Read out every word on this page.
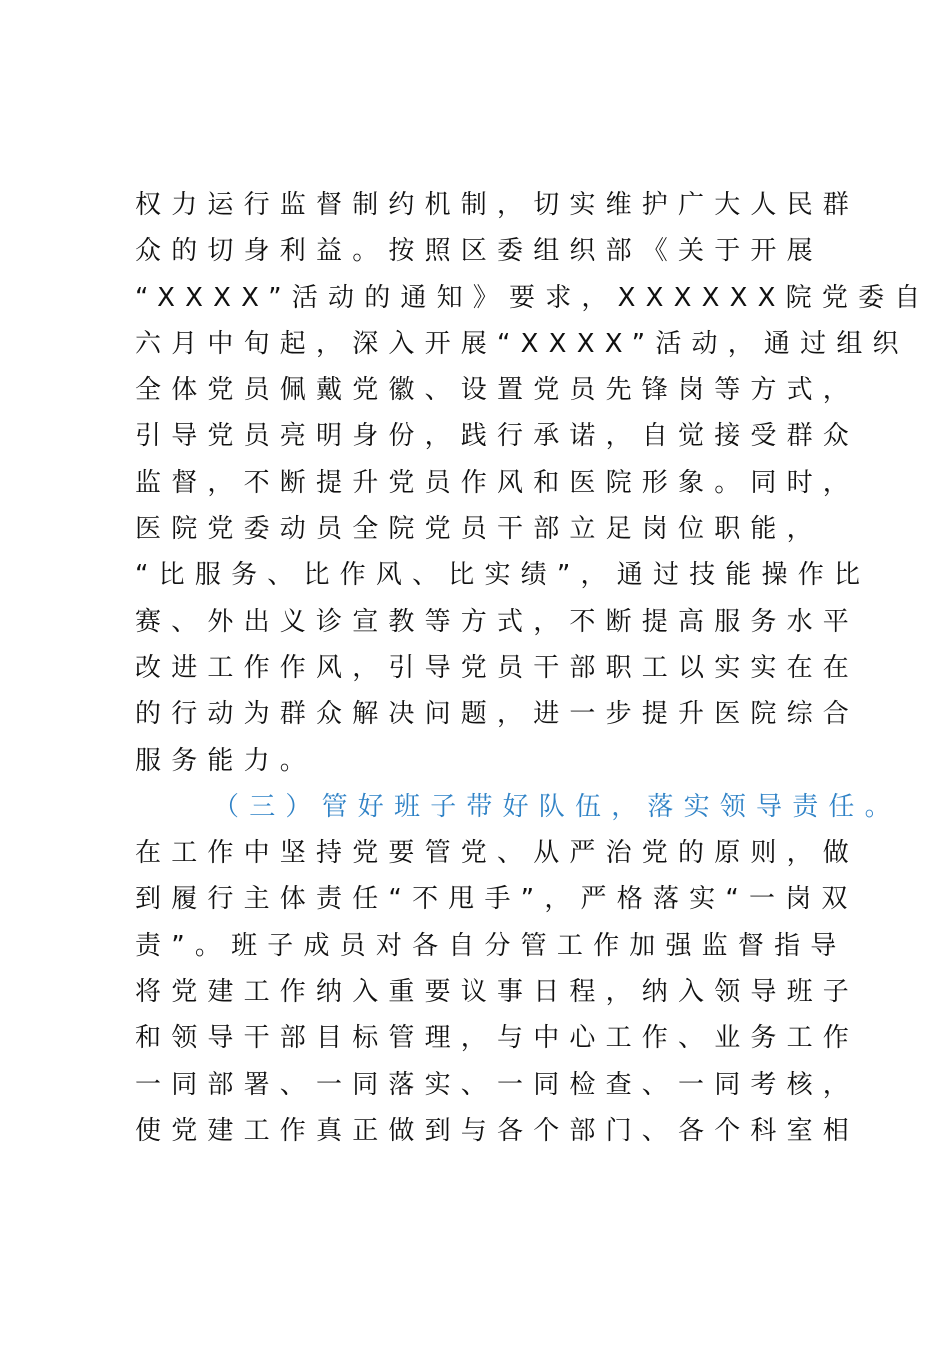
权力运行监督制约机制，切实维护广大人民群
众的切身利益。按照区委组织部《关于开展
“XXXX”活动的通知》要求，XXXXXX院党委自
六月中旬起，深入开展“XXXX”活动，通过组织
全体党员佩戴党徽、设置党员先锋岗等方式，
引导党员亮明身份，践行承诺，自觉接受群众
监督，不断提升党员作风和医院形象。同时，
医院党委动员全院党员干部立足岗位职能，
“比服务、比作风、比实绩”，通过技能操作比
赛、外出义诊宣教等方式，不断提高服务水平
改进工作作风，引导党员干部职工以实实在在
的行动为群众解决问题，进一步提升医院综合
服务能力。
（三）管好班子带好队伍，落实领导责任。
在工作中坚持党要管党、从严治党的原则，做
到履行主体责任“不甩手”，严格落实“一岗双
责”。班子成员对各自分管工作加强监督指导
将党建工作纳入重要议事日程，纳入领导班子
和领导干部目标管理，与中心工作、业务工作
一同部署、一同落实、一同检查、一同考核，
使党建工作真正做到与各个部门、各个科室相
